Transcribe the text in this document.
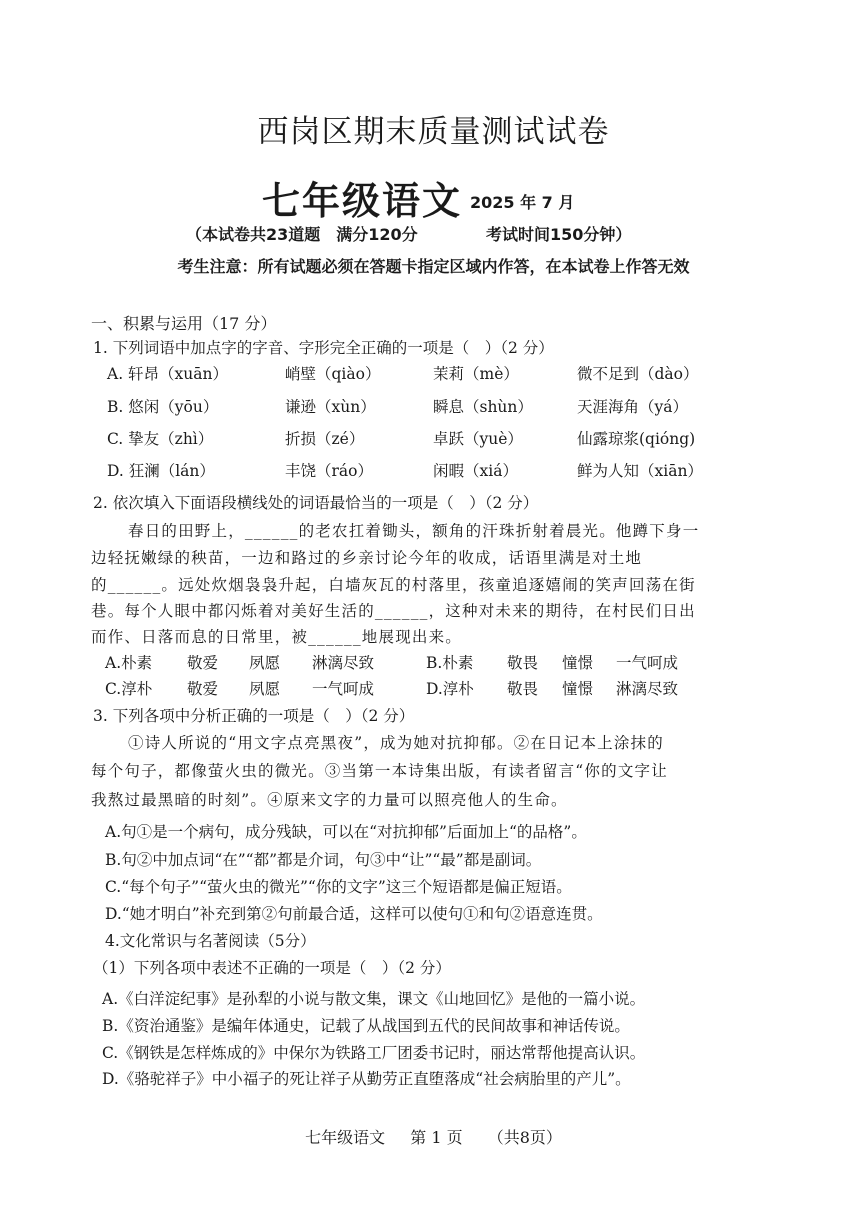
西岗区期末质量测试试卷
七年级语文 2025 年 7 月
（本试卷共23道题　满分120分	考试时间150分钟）
考生注意：所有试题必须在答题卡指定区域内作答，在本试卷上作答无效
一、积累与运用（17 分）
1. 下列词语中加点字的字音、字形完全正确的一项是（　）（2 分）
A. 轩昂（xuān）	峭壁（qiào）	茉莉（mè）	微不足到（dào）
B. 悠闲（yōu）	谦逊（xùn）	瞬息（shùn）	天涯海角（yá）
C. 挚友（zhì）	折损（zé）	卓跃（yuè）	仙露琼浆(qióng)
D. 狂澜（lán）	丰饶（ráo）	闲暇（xiá）	鲜为人知（xiān）
2. 依次填入下面语段横线处的词语最恰当的一项是（　）（2 分）
春日的田野上，______的老农扛着锄头，额角的汗珠折射着晨光。他蹲下身一
边轻抚嫩绿的秧苗，一边和路过的乡亲讨论今年的收成，话语里满是对土地
的______。远处炊烟袅袅升起，白墙灰瓦的村落里，孩童追逐嬉闹的笑声回荡在街
巷。每个人眼中都闪烁着对美好生活的______，这种对未来的期待，在村民们日出
而作、日落而息的日常里，被______地展现出来。
A.朴素 敬爱 夙愿 淋漓尽致	B.朴素 敬畏 憧憬 一气呵成
C.淳朴 敬爱 夙愿 一气呵成	D.淳朴 敬畏 憧憬 淋漓尽致
3. 下列各项中分析正确的一项是（　）（2 分）
①诗人所说的“用文字点亮黑夜”，成为她对抗抑郁。②在日记本上涂抹的
每个句子，都像萤火虫的微光。③当第一本诗集出版，有读者留言“你的文字让
我熬过最黑暗的时刻”。④原来文字的力量可以照亮他人的生命。
A.句①是一个病句，成分残缺，可以在“对抗抑郁”后面加上“的品格”。
B.句②中加点词“在”“都”都是介词，句③中“让”“最”都是副词。
C.“每个句子”“萤火虫的微光”“你的文字”这三个短语都是偏正短语。
D.“她才明白”补充到第②句前最合适，这样可以使句①和句②语意连贯。
4.文化常识与名著阅读（5分）
（1）下列各项中表述不正确的一项是（　）（2 分）
A.《白洋淀纪事》是孙犁的小说与散文集，课文《山地回忆》是他的一篇小说。
B.《资治通鉴》是编年体通史，记载了从战国到五代的民间故事和神话传说。
C.《钢铁是怎样炼成的》中保尔为铁路工厂团委书记时，丽达常帮他提高认识。
D.《骆驼祥子》中小福子的死让祥子从勤劳正直堕落成“社会病胎里的产儿”。
七年级语文 第 1 页 （共8页）
